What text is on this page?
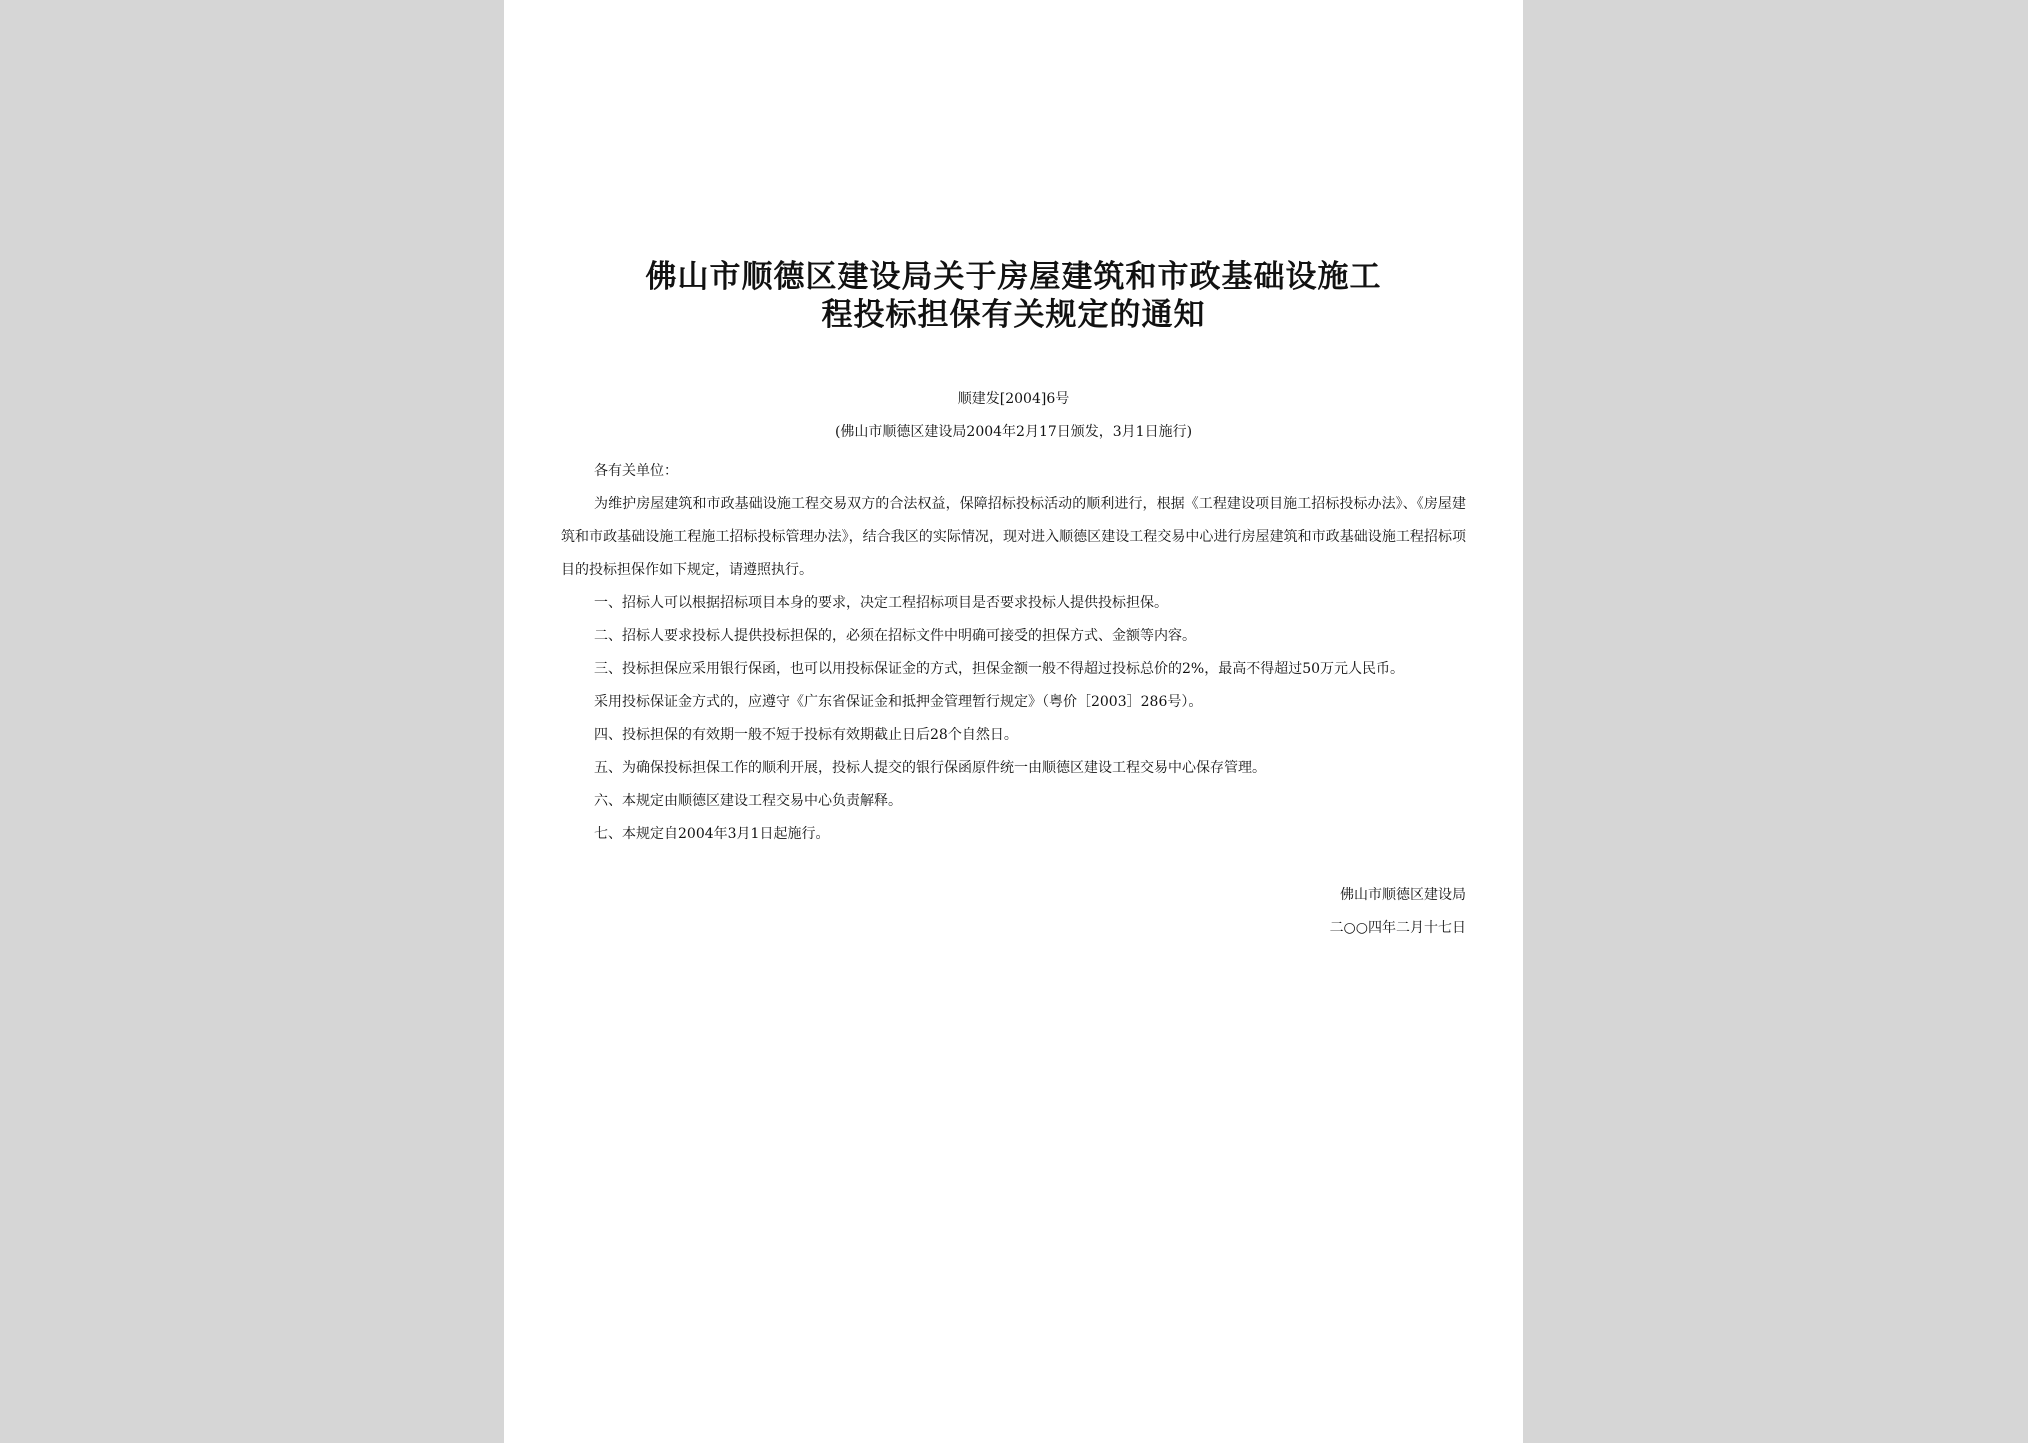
佛山市顺德区建设局关于房屋建筑和市政基础设施工
程投标担保有关规定的通知
顺建发[2004]6号
(佛山市顺德区建设局2004年2月17日颁发，3月1日施行)

各有关单位：

为维护房屋建筑和市政基础设施工程交易双方的合法权益，保障招标投标活动的顺利进行，根据《工程建设项目施工招标投标办法》、《房屋建筑和市政基础设施工程施工招标投标管理办法》，结合我区的实际情况，现对进入顺德区建设工程交易中心进行房屋建筑和市政基础设施工程招标项目的投标担保作如下规定，请遵照执行。

一、招标人可以根据招标项目本身的要求，决定工程招标项目是否要求投标人提供投标担保。

二、招标人要求投标人提供投标担保的，必须在招标文件中明确可接受的担保方式、金额等内容。

三、投标担保应采用银行保函，也可以用投标保证金的方式，担保金额一般不得超过投标总价的2%，最高不得超过50万元人民币。

采用投标保证金方式的，应遵守《广东省保证金和抵押金管理暂行规定》（粤价［2003］286号）。

四、投标担保的有效期一般不短于投标有效期截止日后28个自然日。

五、为确保投标担保工作的顺利开展，投标人提交的银行保函原件统一由顺德区建设工程交易中心保存管理。

六、本规定由顺德区建设工程交易中心负责解释。

七、本规定自2004年3月1日起施行。

佛山市顺德区建设局
二○○四年二月十七日
